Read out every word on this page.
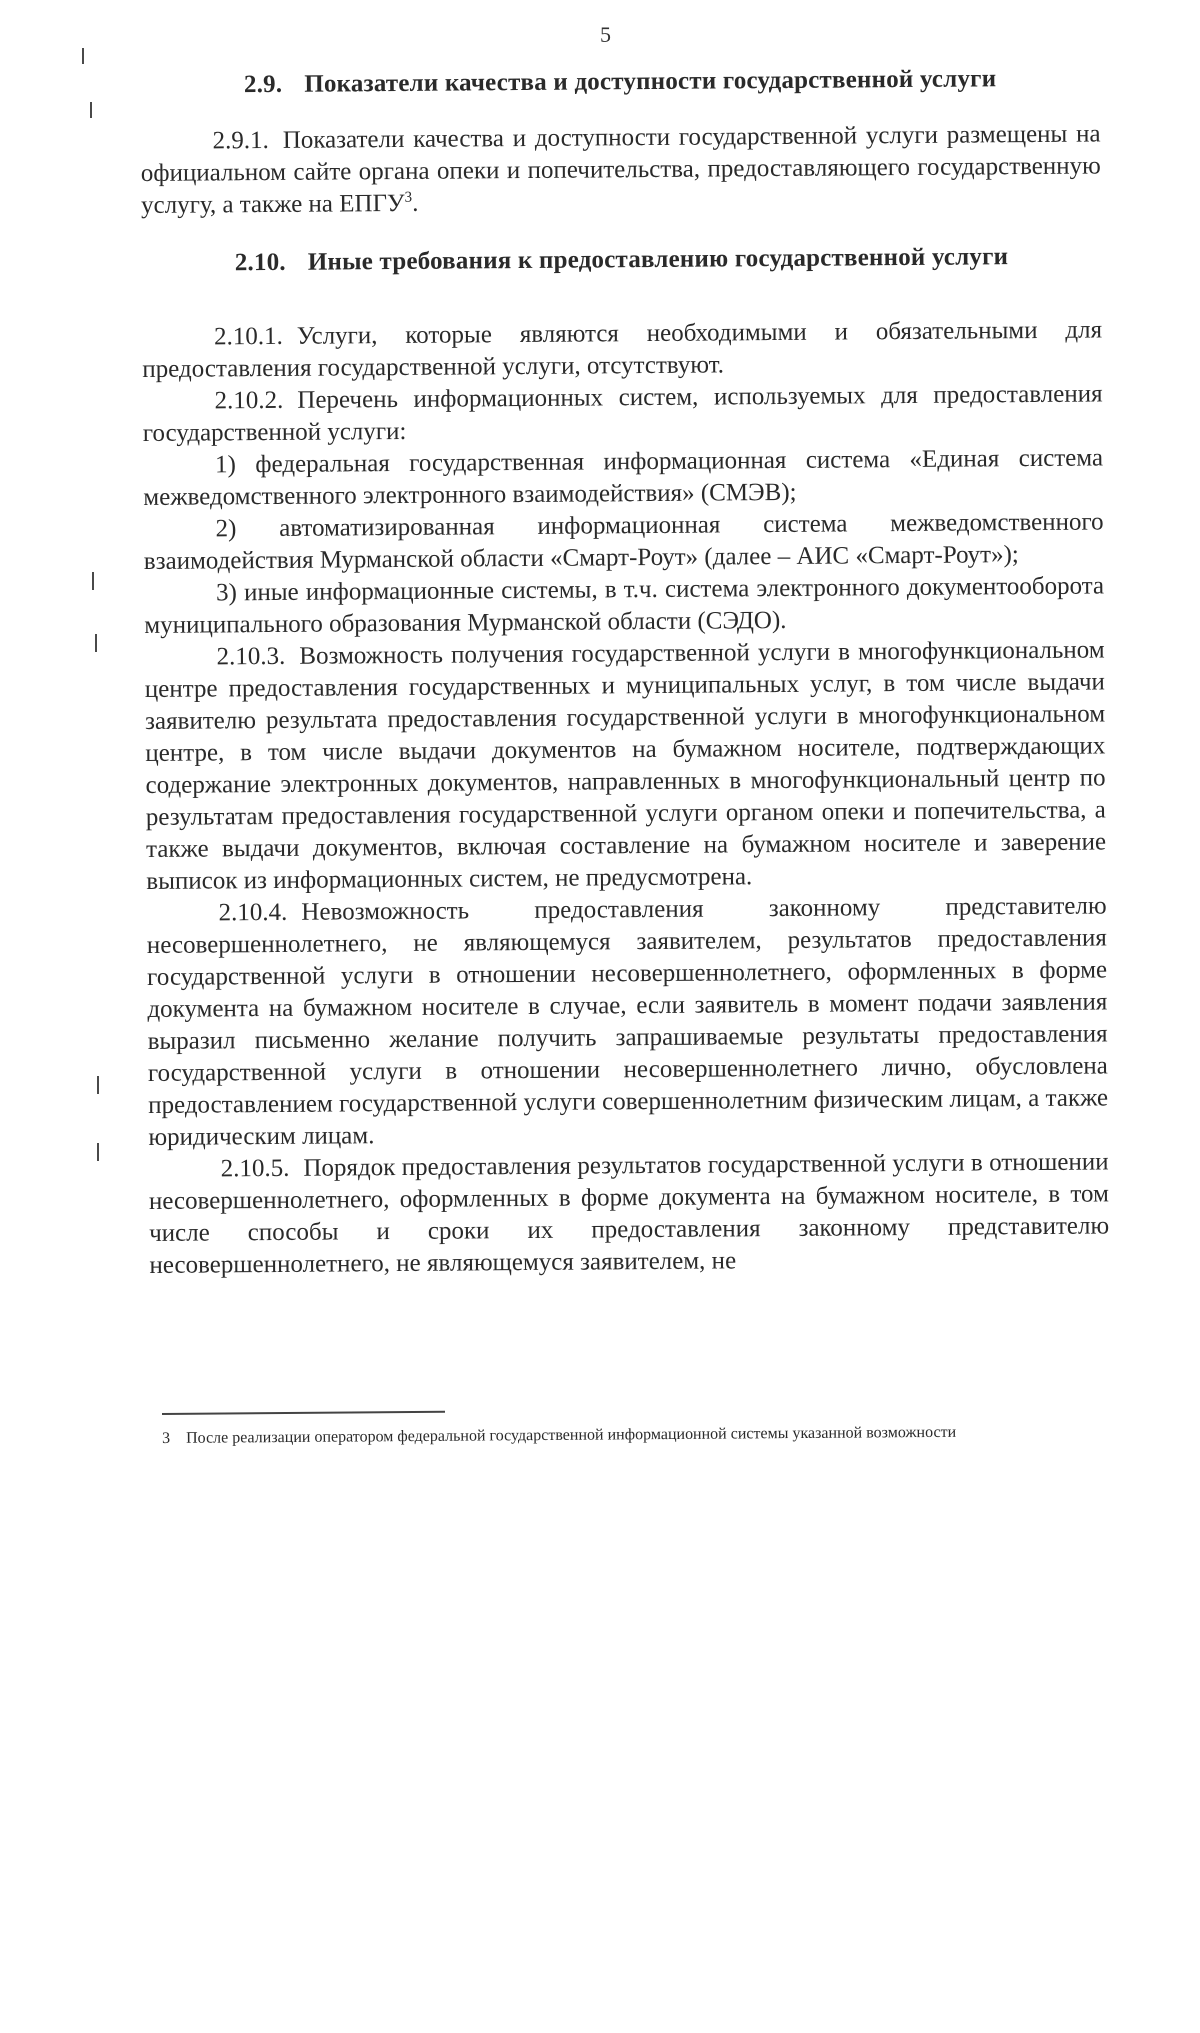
5
2.9. Показатели качества и доступности государственной услуги

2.9.1. Показатели качества и доступности государственной услуги размещены на официальном сайте органа опеки и попечительства, предоставляющего государственную услугу, а также на ЕПГУ$^3$.

2.10. Иные требования к предоставлению государственной услуги

2.10.1. Услуги, которые являются необходимыми и обязательными для предоставления государственной услуги, отсутствуют.

2.10.2. Перечень информационных систем, используемых для предоставления государственной услуги:

1) федеральная государственная информационная система «Единая система межведомственного электронного взаимодействия» (СМЭВ);

2) автоматизированная информационная система межведомственного взаимодействия Мурманской области «Смарт-Роут» (далее – АИС «Смарт-Роут»);

3) иные информационные системы, в т.ч. система электронного документооборота муниципального образования Мурманской области (СЭДО).

2.10.3. Возможность получения государственной услуги в многофункциональном центре предоставления государственных и муниципальных услуг, в том числе выдачи заявителю результата предоставления государственной услуги в многофункциональном центре, в том числе выдачи документов на бумажном носителе, подтверждающих содержание электронных документов, направленных в многофункциональный центр по результатам предоставления государственной услуги органом опеки и попечительства, а также выдачи документов, включая составление на бумажном носителе и заверение выписок из информационных систем, не предусмотрена.

2.10.4. Невозможность предоставления законному представителю несовершеннолетнего, не являющемуся заявителем, результатов предоставления государственной услуги в отношении несовершеннолетнего, оформленных в форме документа на бумажном носителе в случае, если заявитель в момент подачи заявления выразил письменно желание получить запрашиваемые результаты предоставления государственной услуги в отношении несовершеннолетнего лично, обусловлена предоставлением государственной услуги совершеннолетним физическим лицам, а также юридическим лицам.

2.10.5. Порядок предоставления результатов государственной услуги в отношении несовершеннолетнего, оформленных в форме документа на бумажном носителе, в том числе способы и сроки их предоставления законному представителю несовершеннолетнего, не являющемуся заявителем, не

3 После реализации оператором федеральной государственной информационной системы указанной возможности
